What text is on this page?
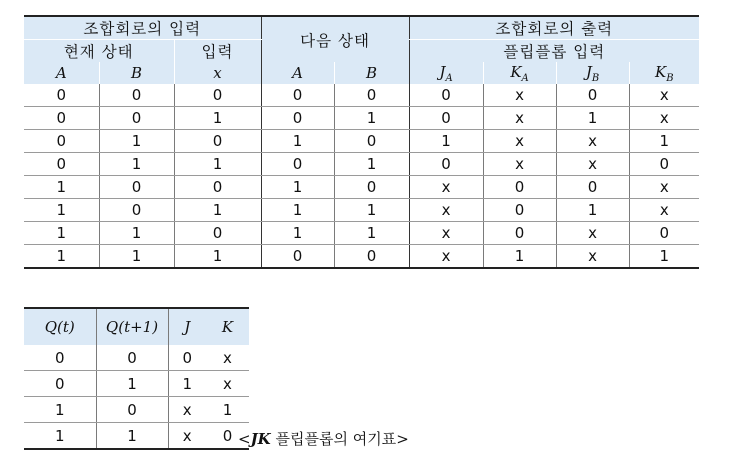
조합회로의 입력			다음 상태		조합회로의 출력			
현재 상태		입력			플립플롭 입력			
A	B	x	A	B	$J_A$	$K_A$	$J_B$	$K_B$
0	0	0	0	0	0	x	0	x
0	0	1	0	1	0	x	1	x
0	1	0	1	0	1	x	x	1
0	1	1	0	1	0	x	x	0
1	0	0	1	0	x	0	0	x
1	0	1	1	1	x	0	1	x
1	1	0	1	1	x	0	x	0
1	1	1	0	0	x	1	x	1
Q(t)	Q(t+1)	J	K
0	0	0	x
0	1	1	x
1	0	x	1
1	1	x	0 <JK 플립플롭의 여기표>
